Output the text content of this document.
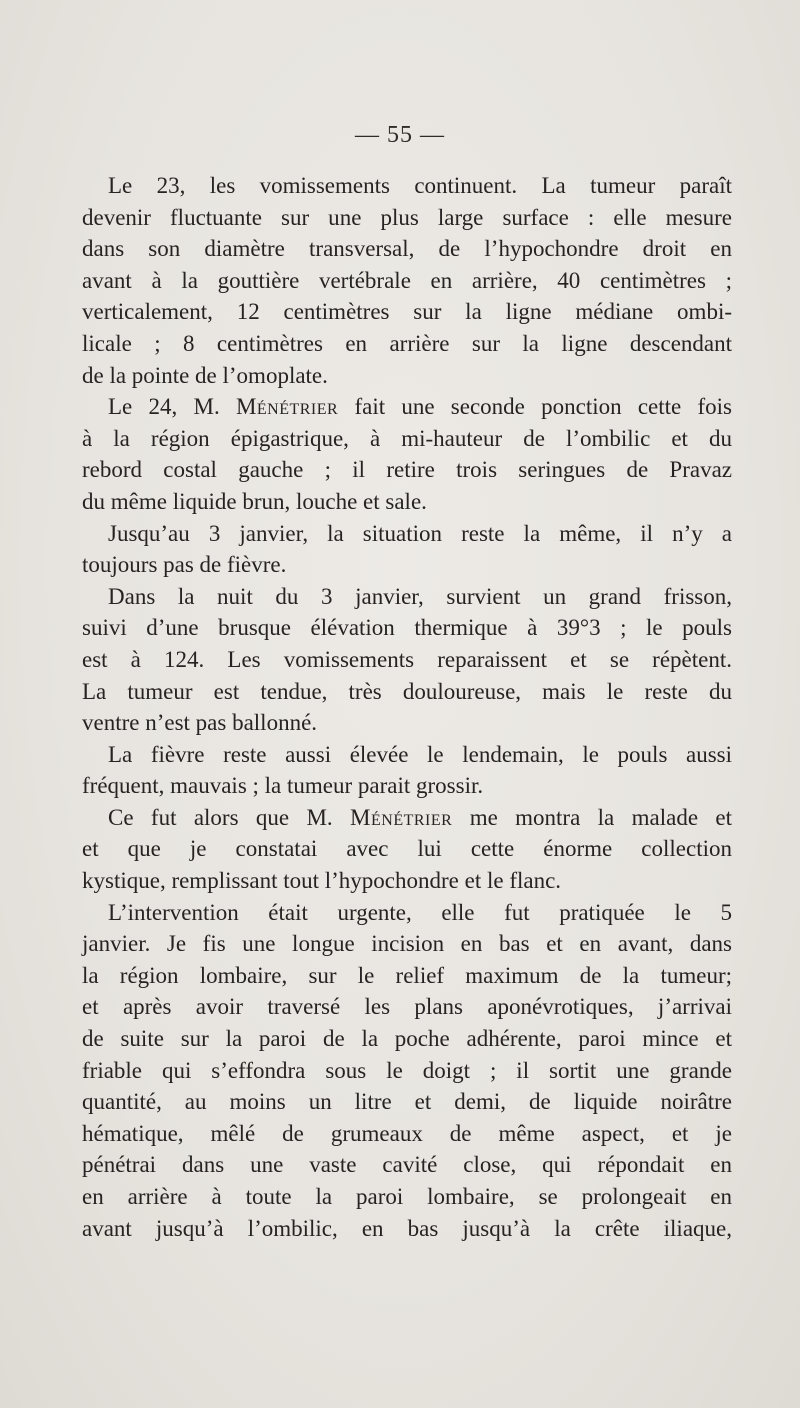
— 55 —
Le 23, les vomissements continuent. La tumeur paraît
devenir fluctuante sur une plus large surface : elle mesure
dans son diamètre transversal, de l’hypochondre droit en
avant à la gouttière vertébrale en arrière, 40 centimètres ;
verticalement, 12 centimètres sur la ligne médiane ombi-
licale ; 8 centimètres en arrière sur la ligne descendant
de la pointe de l’omoplate.
Le 24, M. Ménétrier fait une seconde ponction cette fois
à la région épigastrique, à mi-hauteur de l’ombilic et du
rebord costal gauche ; il retire trois seringues de Pravaz
du même liquide brun, louche et sale.
Jusqu’au 3 janvier, la situation reste la même, il n’y a
toujours pas de fièvre.
Dans la nuit du 3 janvier, survient un grand frisson,
suivi d’une brusque élévation thermique à 39°3 ; le pouls
est à 124. Les vomissements reparaissent et se répètent.
La tumeur est tendue, très douloureuse, mais le reste du
ventre n’est pas ballonné.
La fièvre reste aussi élevée le lendemain, le pouls aussi
fréquent, mauvais ; la tumeur parait grossir.
Ce fut alors que M. Ménétrier me montra la malade et
et que je constatai avec lui cette énorme collection
kystique, remplissant tout l’hypochondre et le flanc.
L’intervention était urgente, elle fut pratiquée le 5
janvier. Je fis une longue incision en bas et en avant, dans
la région lombaire, sur le relief maximum de la tumeur;
et après avoir traversé les plans aponévrotiques, j’arrivai
de suite sur la paroi de la poche adhérente, paroi mince et
friable qui s’effondra sous le doigt ; il sortit une grande
quantité, au moins un litre et demi, de liquide noirâtre
hématique, mêlé de grumeaux de même aspect, et je
pénétrai dans une vaste cavité close, qui répondait en
en arrière à toute la paroi lombaire, se prolongeait en
avant jusqu’à l’ombilic, en bas jusqu’à la crête iliaque,
